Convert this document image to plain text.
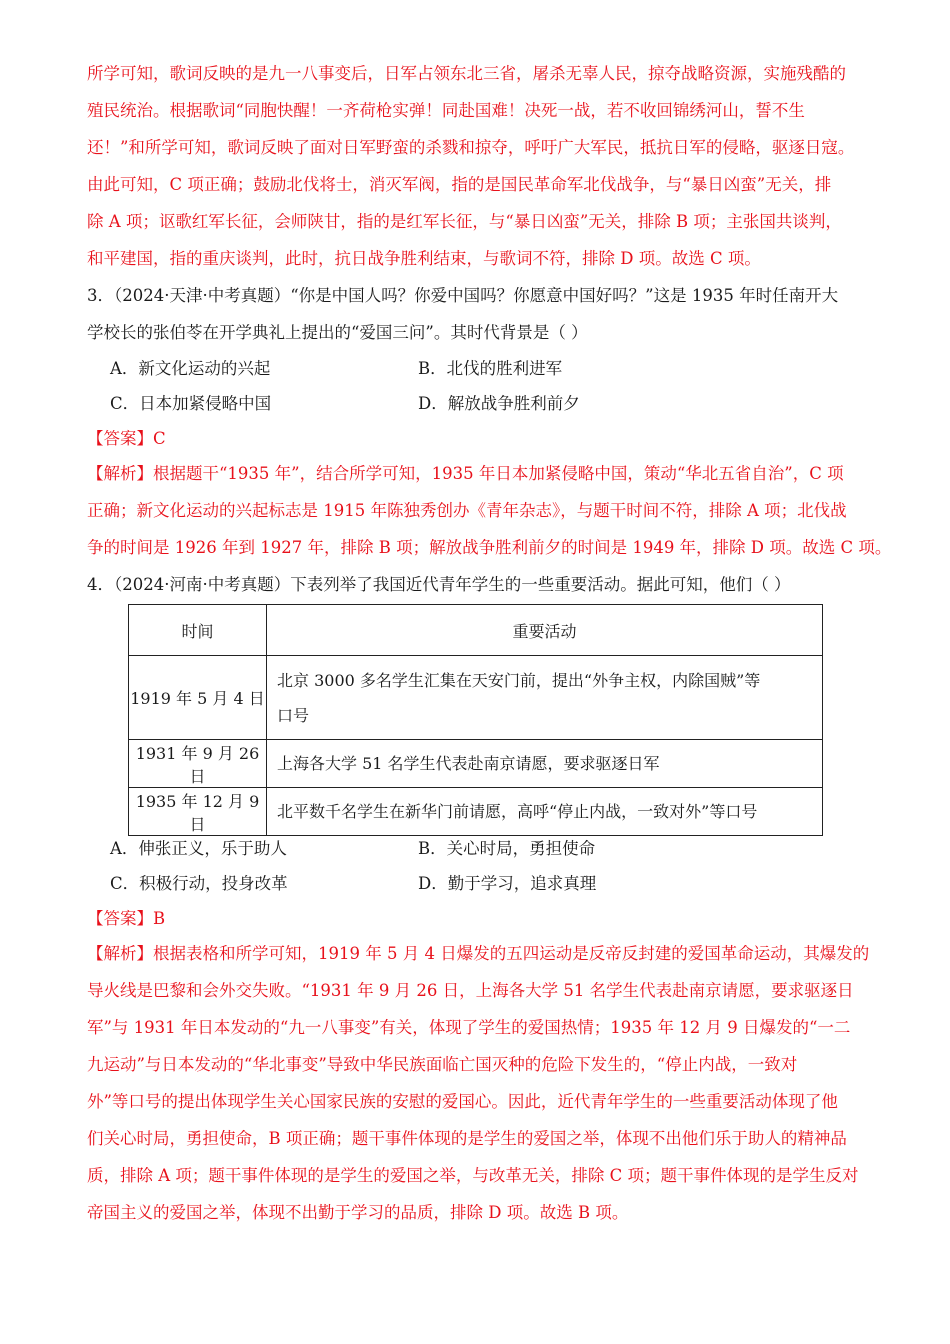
所学可知，歌词反映的是九一八事变后，日军占领东北三省，屠杀无辜人民，掠夺战略资源，实施残酷的
殖民统治。根据歌词“同胞快醒！一齐荷枪实弹！同赴国难！决死一战，若不收回锦绣河山，誓不生
还！”和所学可知，歌词反映了面对日军野蛮的杀戮和掠夺，呼吁广大军民，抵抗日军的侵略，驱逐日寇。
由此可知，C 项正确；鼓励北伐将士，消灭军阀，指的是国民革命军北伐战争，与“暴日凶蛮”无关，排
除 A 项；讴歌红军长征，会师陕甘，指的是红军长征，与“暴日凶蛮”无关，排除 B 项；主张国共谈判，
和平建国，指的重庆谈判，此时，抗日战争胜利结束，与歌词不符，排除 D 项。故选 C 项。
3．（2024·天津·中考真题）“你是中国人吗？你爱中国吗？你愿意中国好吗？”这是 1935 年时任南开大
学校长的张伯苓在开学典礼上提出的“爱国三问”。其时代背景是（ ）
A．新文化运动的兴起	B．北伐的胜利进军
C．日本加紧侵略中国	D．解放战争胜利前夕
【答案】C
【解析】根据题干“1935 年”，结合所学可知，1935 年日本加紧侵略中国，策动“华北五省自治”，C 项
正确；新文化运动的兴起标志是 1915 年陈独秀创办《青年杂志》，与题干时间不符，排除 A 项；北伐战
争的时间是 1926 年到 1927 年，排除 B 项；解放战争胜利前夕的时间是 1949 年，排除 D 项。故选 C 项。
4．（2024·河南·中考真题）下表列举了我国近代青年学生的一些重要活动。据此可知，他们（ ）
时间	重要活动
1919 年 5 月 4 日	北京 3000 多名学生汇集在天安门前，提出“外争主权，内除国贼”等
口号

1931 年 9 月 26 日	上海各大学 51 名学生代表赴南京请愿，要求驱逐日军
1935 年 12 月 9 日	北平数千名学生在新华门前请愿，高呼“停止内战，一致对外”等口号
A．伸张正义，乐于助人	B．关心时局，勇担使命
C．积极行动，投身改革	D．勤于学习，追求真理
【答案】B
【解析】根据表格和所学可知，1919 年 5 月 4 日爆发的五四运动是反帝反封建的爱国革命运动，其爆发的
导火线是巴黎和会外交失败。“1931 年 9 月 26 日，上海各大学 51 名学生代表赴南京请愿，要求驱逐日
军”与 1931 年日本发动的“九一八事变”有关，体现了学生的爱国热情；1935 年 12 月 9 日爆发的“一二
九运动”与日本发动的“华北事变”导致中华民族面临亡国灭种的危险下发生的，“停止内战，一致对
外”等口号的提出体现学生关心国家民族的安慰的爱国心。因此，近代青年学生的一些重要活动体现了他
们关心时局，勇担使命，B 项正确；题干事件体现的是学生的爱国之举，体现不出他们乐于助人的精神品
质，排除 A 项；题干事件体现的是学生的爱国之举，与改革无关，排除 C 项；题干事件体现的是学生反对
帝国主义的爱国之举，体现不出勤于学习的品质，排除 D 项。故选 B 项。
